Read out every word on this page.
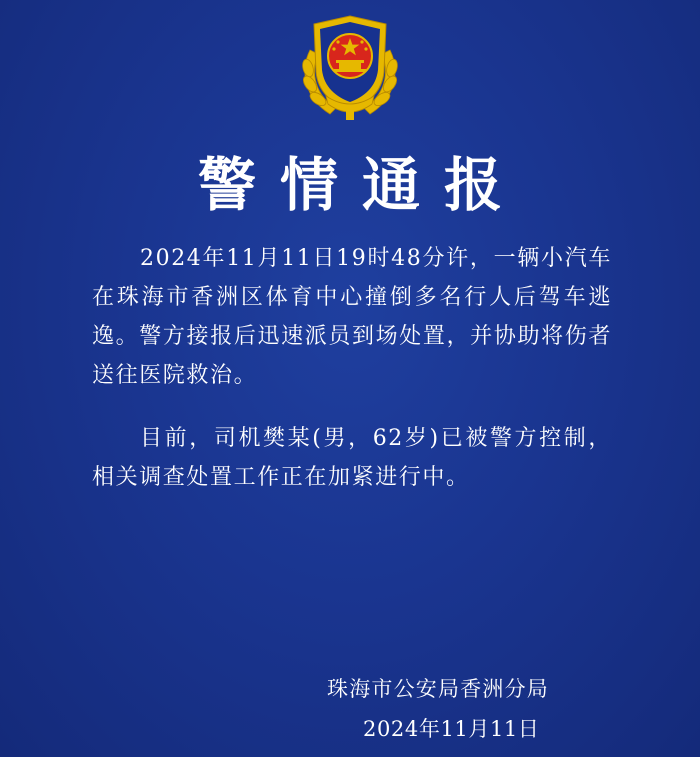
警情通报

2024年11月11日19时48分许，一辆小汽车在珠海市香洲区体育中心撞倒多名行人后驾车逃逸。警方接报后迅速派员到场处置，并协助将伤者送往医院救治。

目前，司机樊某(男，62岁)已被警方控制，相关调查处置工作正在加紧进行中。

珠海市公安局香洲分局
2024年11月11日
